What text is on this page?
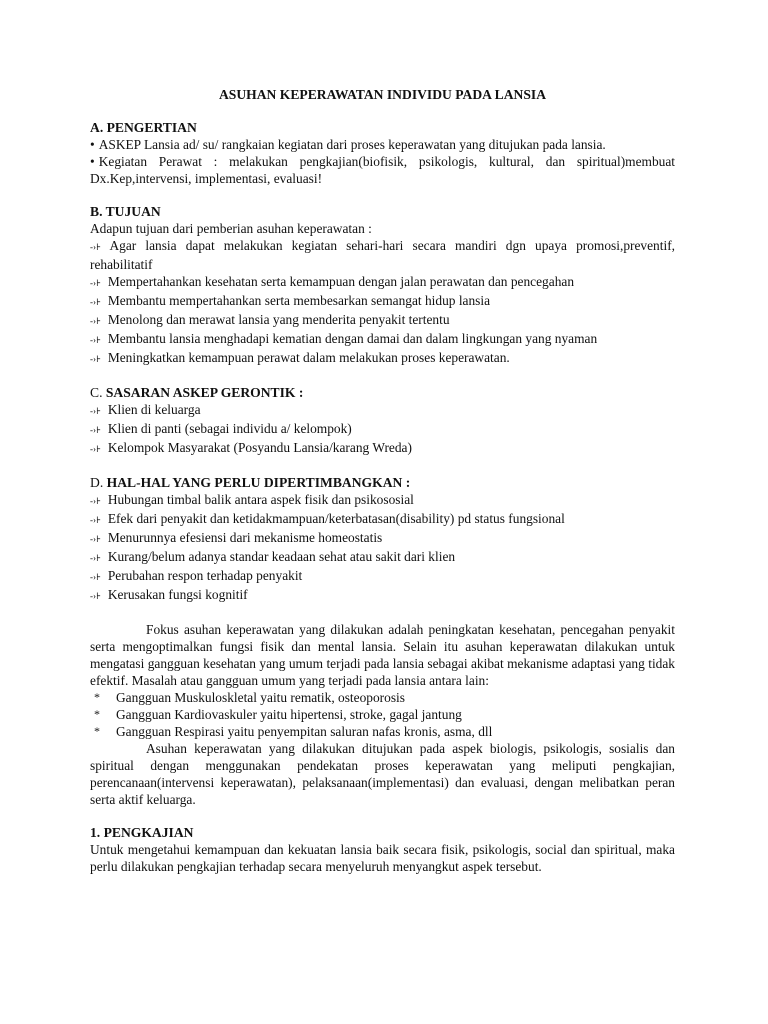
ASUHAN KEPERAWATAN INDIVIDU PADA LANSIA
A. PENGERTIAN
• ASKEP Lansia ad/ su/ rangkaian kegiatan dari proses keperawatan yang ditujukan pada lansia.
• Kegiatan Perawat : melakukan pengkajian(biofisik, psikologis, kultural, dan spiritual)membuat Dx.Kep,intervensi, implementasi, evaluasi!
B. TUJUAN
Adapun tujuan dari pemberian asuhan keperawatan :
-›⊦ Agar lansia dapat melakukan kegiatan sehari-hari secara mandiri dgn upaya promosi,preventif, rehabilitatif
-›⊦ Mempertahankan kesehatan serta kemampuan dengan jalan perawatan dan pencegahan
-›⊦ Membantu mempertahankan serta membesarkan semangat hidup lansia
-›⊦ Menolong dan merawat lansia yang menderita penyakit tertentu
-›⊦ Membantu lansia menghadapi kematian dengan damai dan dalam lingkungan yang nyaman
-›⊦ Meningkatkan kemampuan perawat dalam melakukan proses keperawatan.
C. SASARAN ASKEP GERONTIK :
-›⊦ Klien di keluarga
-›⊦ Klien di panti (sebagai individu a/ kelompok)
-›⊦ Kelompok Masyarakat (Posyandu Lansia/karang Wreda)
D. HAL-HAL YANG PERLU DIPERTIMBANGKAN :
-›⊦ Hubungan timbal balik antara aspek fisik dan psikososial
-›⊦ Efek dari penyakit dan ketidakmampuan/keterbatasan(disability) pd status fungsional
-›⊦ Menurunnya efesiensi dari mekanisme homeostatis
-›⊦ Kurang/belum adanya standar keadaan sehat atau sakit dari klien
-›⊦ Perubahan respon terhadap penyakit
-›⊦ Kerusakan fungsi kognitif
Fokus asuhan keperawatan yang dilakukan adalah peningkatan kesehatan, pencegahan penyakit serta mengoptimalkan fungsi fisik dan mental lansia. Selain itu asuhan keperawatan dilakukan untuk mengatasi gangguan kesehatan yang umum terjadi pada lansia sebagai akibat mekanisme adaptasi yang tidak efektif. Masalah atau gangguan umum yang terjadi pada lansia antara lain:
*	Gangguan Muskuloskletal yaitu rematik, osteoporosis
*	Gangguan Kardiovaskuler yaitu hipertensi, stroke, gagal jantung
*	Gangguan Respirasi yaitu penyempitan saluran nafas kronis, asma, dll
Asuhan keperawatan yang dilakukan ditujukan pada aspek biologis, psikologis, sosialis dan spiritual dengan menggunakan pendekatan proses keperawatan yang meliputi pengkajian, perencanaan(intervensi keperawatan), pelaksanaan(implementasi) dan evaluasi, dengan melibatkan peran serta aktif keluarga.
1. PENGKAJIAN
Untuk mengetahui kemampuan dan kekuatan lansia baik secara fisik, psikologis, social dan spiritual, maka perlu dilakukan pengkajian terhadap secara menyeluruh menyangkut aspek tersebut.
